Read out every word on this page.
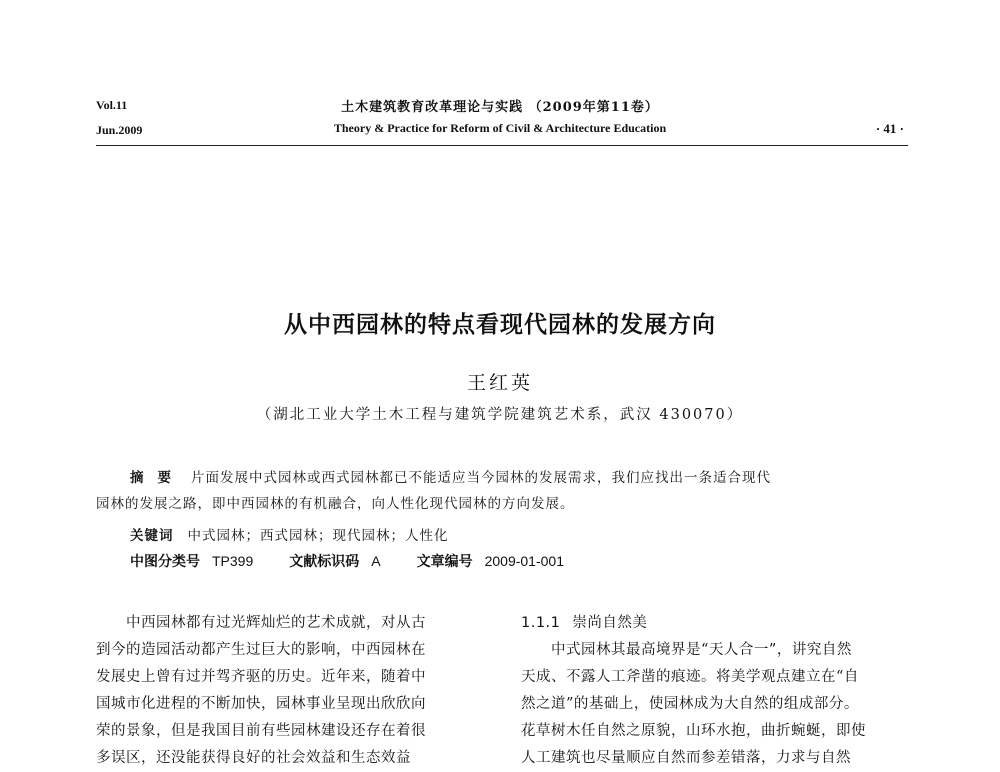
Vol.11
Jun.2009
土木建筑教育改革理论与实践 （2009年第11卷）
Theory & Practice for Reform of Civil & Architecture Education	· 41 ·
从中西园林的特点看现代园林的发展方向
王红英
（湖北工业大学土木工程与建筑学院建筑艺术系，武汉 430070）
摘要 片面发展中式园林或西式园林都已不能适应当今园林的发展需求，我们应找出一条适合现代
园林的发展之路，即中西园林的有机融合，向人性化现代园林的方向发展。
关键词 中式园林；西式园林；现代园林；人性化
中图分类号 TP399	文献标识码 A	文章编号 2009-01-001
　　中西园林都有过光辉灿烂的艺术成就，对从古
到今的造园活动都产生过巨大的影响，中西园林在
发展史上曾有过并驾齐驱的历史。近年来，随着中
国城市化进程的不断加快，园林事业呈现出欣欣向
荣的景象，但是我国目前有些园林建设还存在着很
多误区，还没能获得良好的社会效益和生态效益
1.1.1 崇尚自然美
　　中式园林其最高境界是“天人合一”，讲究自然
天成、不露人工斧凿的痕迹。将美学观点建立在“自
然之道”的基础上，使园林成为大自然的组成部分。
花草树木任自然之原貌，山环水抱，曲折蜿蜒，即使
人工建筑也尽量顺应自然而参差错落，力求与自然
